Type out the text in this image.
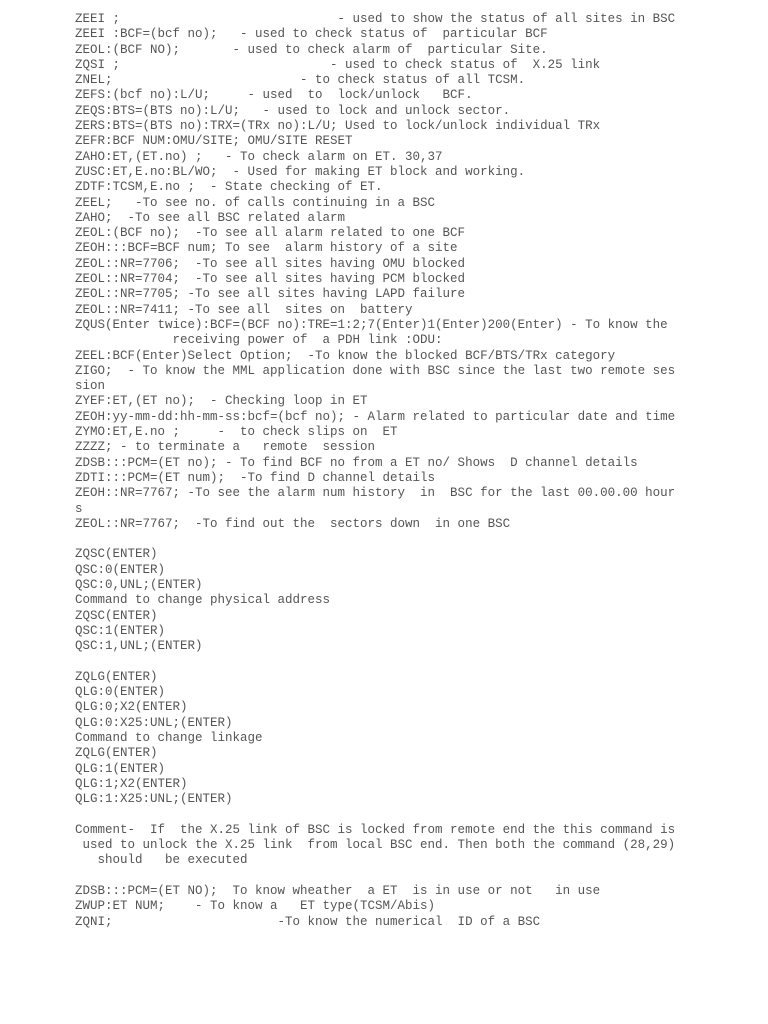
ZEEI ;                             - used to show the status of all sites in BSC
ZEEI :BCF=(bcf no);   - used to check status of  particular BCF
ZEOL:(BCF NO);       - used to check alarm of  particular Site.
ZQSI ;                            - used to check status of  X.25 link
ZNEL;                         - to check status of all TCSM.
ZEFS:(bcf no):L/U;     - used  to  lock/unlock   BCF.
ZEQS:BTS=(BTS no):L/U;   - used to lock and unlock sector.
ZERS:BTS=(BTS no):TRX=(TRx no):L/U; Used to lock/unlock individual TRx
ZEFR:BCF NUM:OMU/SITE; OMU/SITE RESET
ZAHO:ET,(ET.no) ;   - To check alarm on ET. 30,37
ZUSC:ET,E.no:BL/WO;  - Used for making ET block and working.
ZDTF:TCSM,E.no ;  - State checking of ET.
ZEEL;   -To see no. of calls continuing in a BSC
ZAHO;  -To see all BSC related alarm
ZEOL:(BCF no);  -To see all alarm related to one BCF
ZEOH:::BCF=BCF num; To see  alarm history of a site
ZEOL::NR=7706;  -To see all sites having OMU blocked
ZEOL::NR=7704;  -To see all sites having PCM blocked
ZEOL::NR=7705; -To see all sites having LAPD failure
ZEOL::NR=7411; -To see all  sites on  battery
ZQUS(Enter twice):BCF=(BCF no):TRE=1:2;7(Enter)1(Enter)200(Enter) - To know the
receiving power of  a PDH link :ODU:
ZEEL:BCF(Enter)Select Option;  -To know the blocked BCF/BTS/TRx category
ZIGO;  - To know the MML application done with BSC since the last two remote ses
sion
ZYEF:ET,(ET no);  - Checking loop in ET
ZEOH:yy-mm-dd:hh-mm-ss:bcf=(bcf no); - Alarm related to particular date and time
ZYMO:ET,E.no ;     -  to check slips on  ET
ZZZZ; - to terminate a   remote  session
ZDSB:::PCM=(ET no); - To find BCF no from a ET no/ Shows  D channel details
ZDTI:::PCM=(ET num);  -To find D channel details
ZEOH::NR=7767; -To see the alarm num history  in  BSC for the last 00.00.00 hour
s
ZEOL::NR=7767;  -To find out the  sectors down  in one BSC
ZQSC(ENTER)
QSC:0(ENTER)
QSC:0,UNL;(ENTER)
Command to change physical address
ZQSC(ENTER)
QSC:1(ENTER)
QSC:1,UNL;(ENTER)
ZQLG(ENTER)
QLG:0(ENTER)
QLG:0;X2(ENTER)
QLG:0:X25:UNL;(ENTER)
Command to change linkage
ZQLG(ENTER)
QLG:1(ENTER)
QLG:1;X2(ENTER)
QLG:1:X25:UNL;(ENTER)
Comment-  If  the X.25 link of BSC is locked from remote end the this command is
used to unlock the X.25 link  from local BSC end. Then both the command (28,29)
should   be executed
ZDSB:::PCM=(ET NO);  To know wheather  a ET  is in use or not   in use
ZWUP:ET NUM;    - To know a   ET type(TCSM/Abis)
ZQNI;                      -To know the numerical  ID of a BSC
